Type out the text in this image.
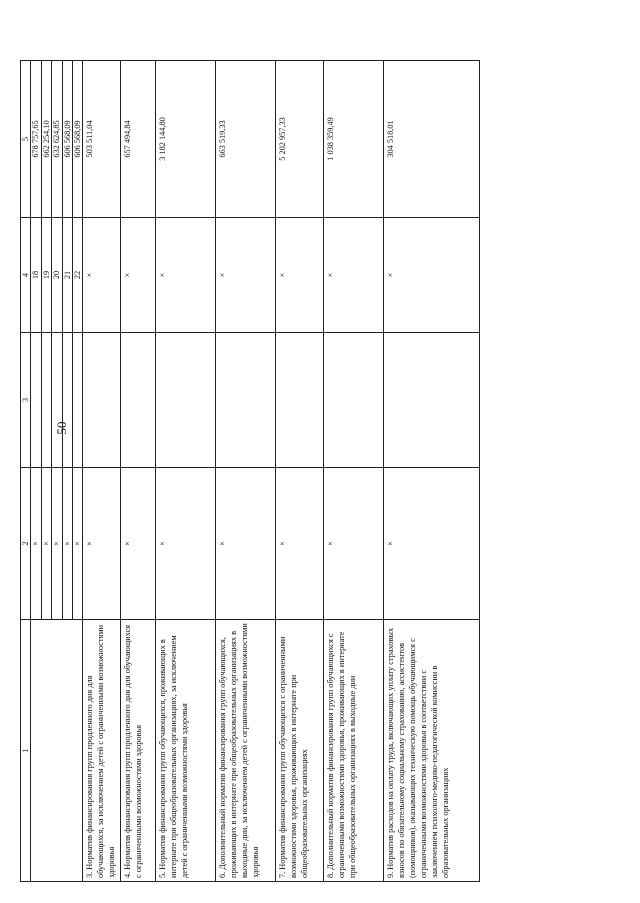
50
1	2	3	4	5
	×		18	678 757,65
	×		19	662 254,10
	×		20	632 624,85
	×		21	606 568,09
	×		22	606 568,09
3. Норматив финансирования групп продленного дня для обучающихся, за исключением детей с ограниченными возможностями здоровья	×		×	503 511,04
4. Норматив финансирования групп продленного дня для обучающихся с ограниченными возможностями здоровья	×		×	657 494,84
5. Норматив финансирования групп обучающихся, проживающих в интернате при общеобразовательных организациях, за исключением детей с ограниченными возможностями здоровья	×		×	3 182 144,80
6. Дополнительный норматив финансирования групп обучающихся, проживающих в интернате при общеобразовательных организациях в выходные дни, за исключением детей с ограниченными возможностями здоровья	×		×	663 519,33
7. Норматив финансирования групп обучающихся с ограниченными возможностями здоровья, проживающих в интернате при общеобразовательных организациях	×		×	5 202 957,33
8. Дополнительный норматив финансирования групп обучающихся с ограниченными возможностями здоровья, проживающих в интернате при общеобразовательных организациях в выходные дни	×		×	1 038 359,49
9. Норматив расходов на оплату труда, включающих уплату страховых взносов по обязательному социальному страхованию, ассистентов (помощников), оказывающих техническую помощь обучающимся с ограниченными возможностями здоровья в соответствии с заключением психолого-медико-педагогической комиссии в образовательных организациях	×		×	304 518,01
